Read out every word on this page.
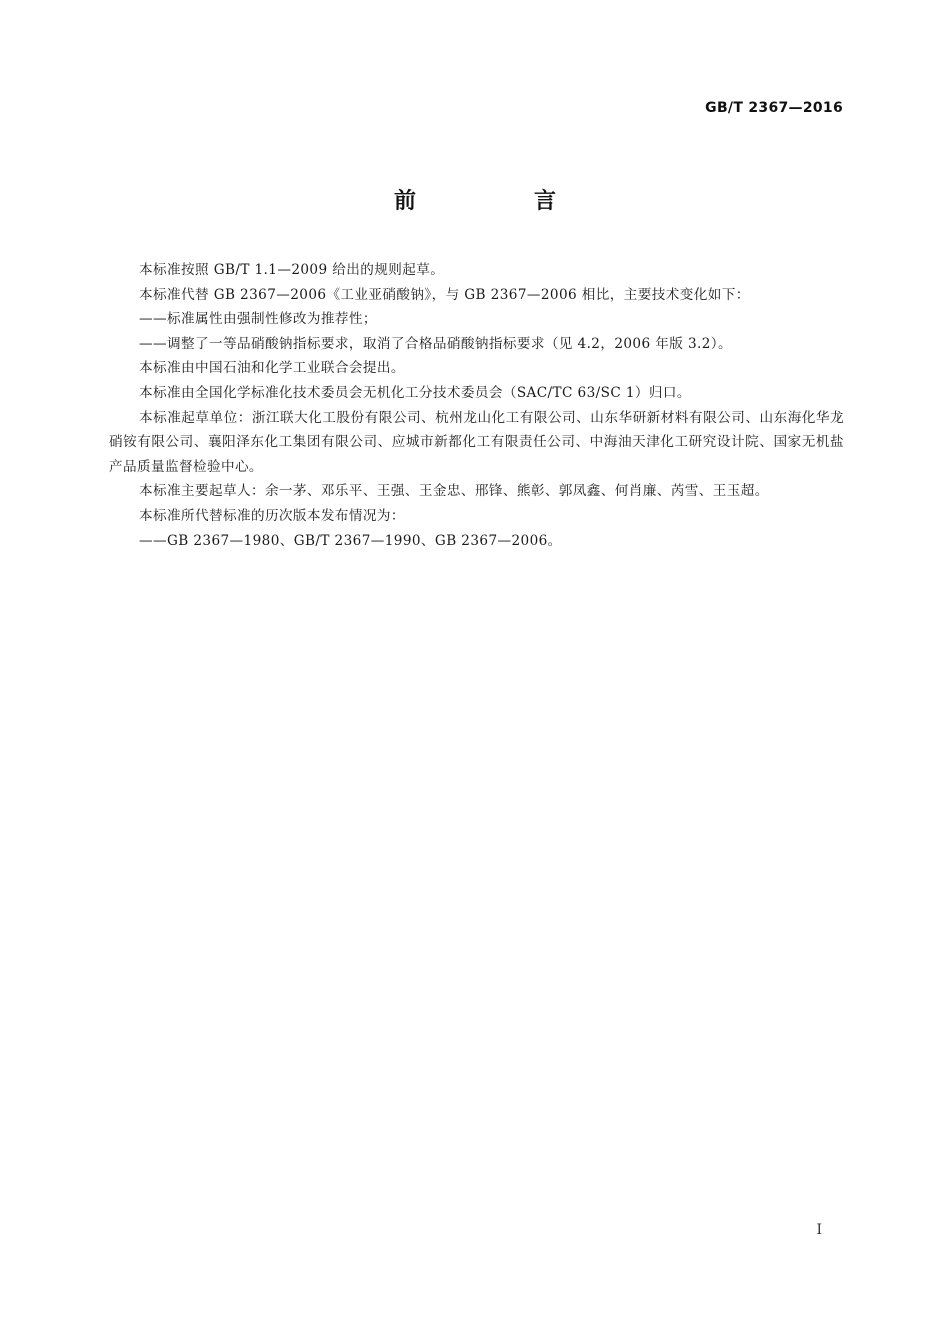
GB/T 2367—2016
前　言

本标准按照 GB/T 1.1—2009 给出的规则起草。

本标准代替 GB 2367—2006《工业亚硝酸钠》，与 GB 2367—2006 相比，主要技术变化如下：

——标准属性由强制性修改为推荐性；

——调整了一等品硝酸钠指标要求，取消了合格品硝酸钠指标要求（见 4.2，2006 年版 3.2）。

本标准由中国石油和化学工业联合会提出。

本标准由全国化学标准化技术委员会无机化工分技术委员会（SAC/TC 63/SC 1）归口。

本标准起草单位：浙江联大化工股份有限公司、杭州龙山化工有限公司、山东华研新材料有限公司、山东海化华龙硝铵有限公司、襄阳泽东化工集团有限公司、应城市新都化工有限责任公司、中海油天津化工研究设计院、国家无机盐产品质量监督检验中心。

本标准主要起草人：余一茅、邓乐平、王强、王金忠、邢锋、熊彰、郭凤鑫、何肖廉、芮雪、王玉超。

本标准所代替标准的历次版本发布情况为：

——GB 2367—1980、GB/T 2367—1990、GB 2367—2006。

I
